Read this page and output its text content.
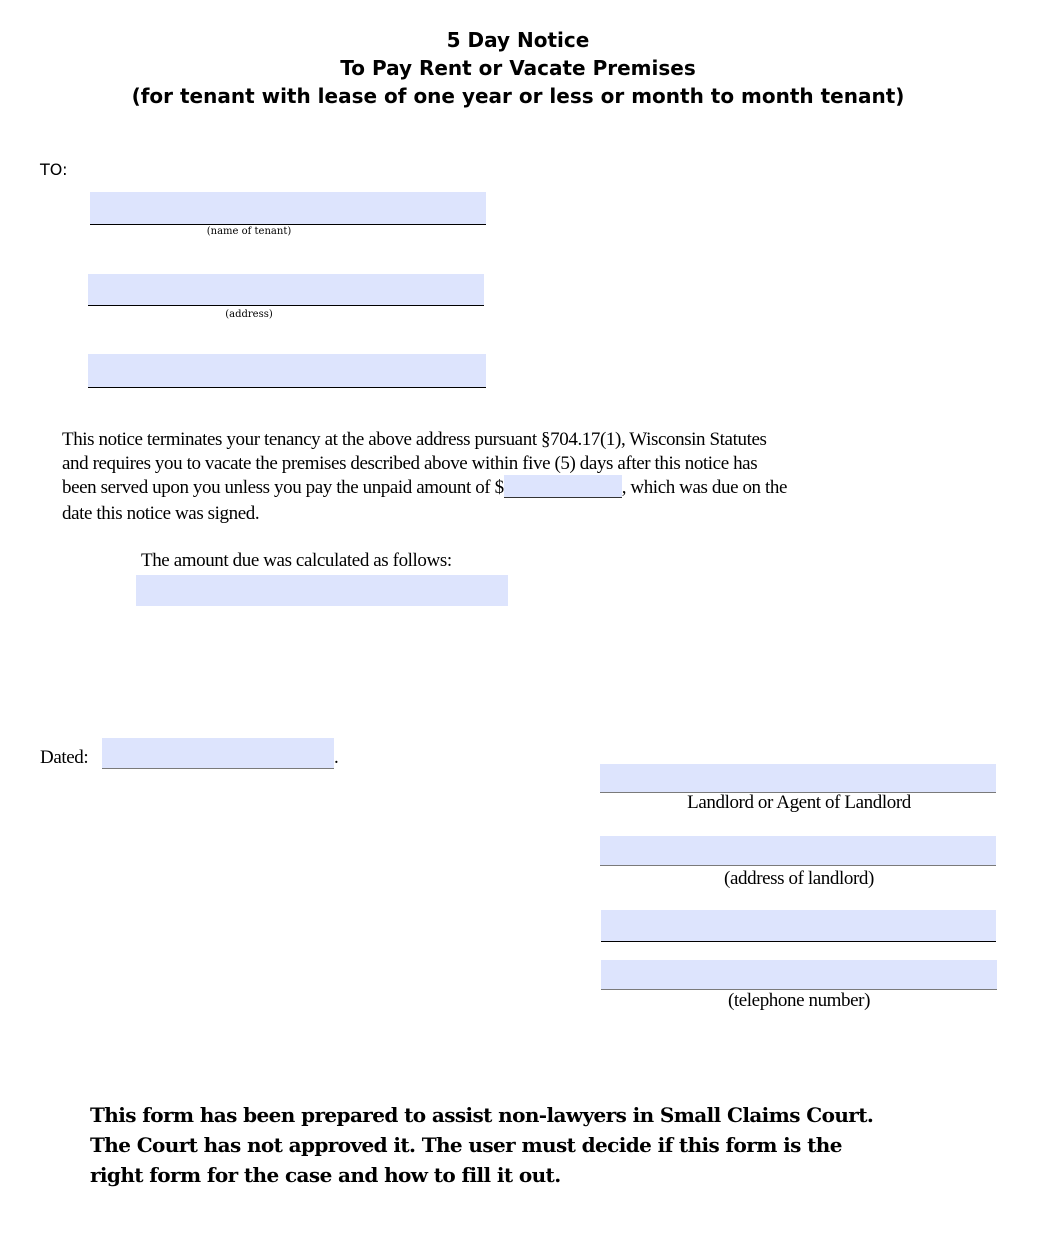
5 Day Notice
To Pay Rent or Vacate Premises
(for tenant with lease of one year or less or month to month tenant)
TO:
(name of tenant)
(address)
This notice terminates your tenancy at the above address pursuant §704.17(1), Wisconsin Statutes
and requires you to vacate the premises described above within five (5) days after this notice has
been served upon you unless you pay the unpaid amount of $	, which was due on the
date this notice was signed.
The amount due was calculated as follows:
Dated:	.
Landlord or Agent of Landlord
(address of landlord)
(telephone number)
This form has been prepared to assist non-lawyers in Small Claims Court.
The Court has not approved it. The user must decide if this form is the
right form for the case and how to fill it out.
